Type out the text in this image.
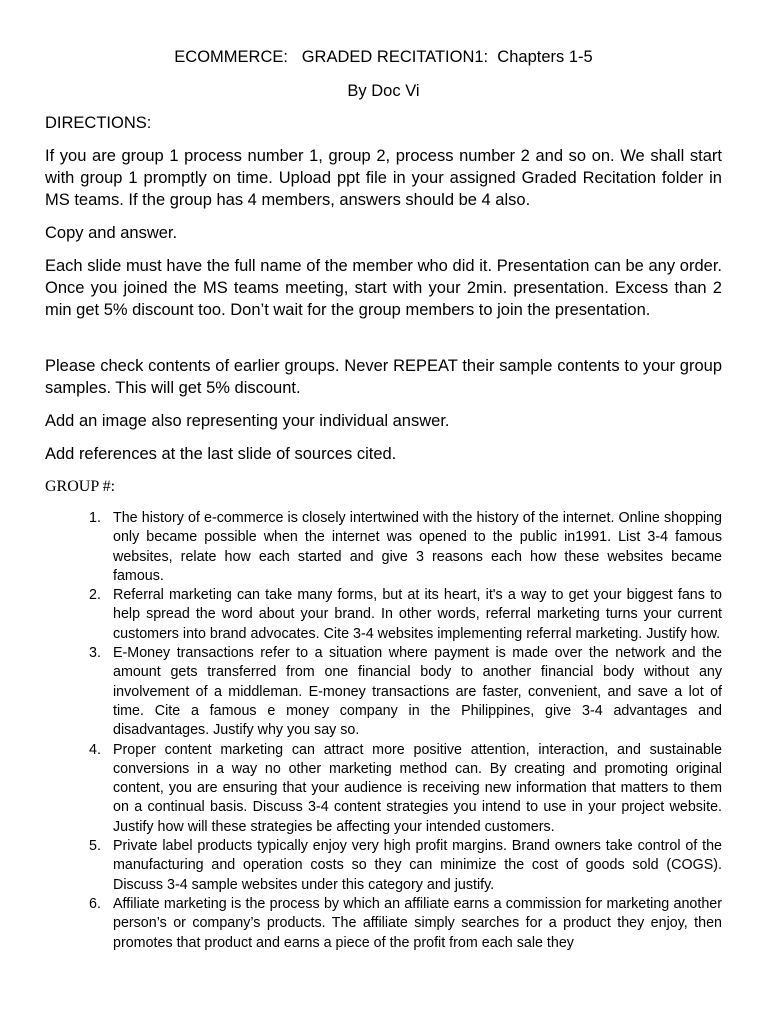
ECOMMERCE:   GRADED RECITATION1:  Chapters 1-5
By Doc Vi
DIRECTIONS:

If you are group 1 process number 1, group 2, process number 2 and so on. We shall start with group 1 promptly on time. Upload ppt file in your assigned Graded Recitation folder in MS teams. If the group has 4 members, answers should be 4 also.

Copy and answer.

Each slide must have the full name of the member who did it. Presentation can be any order. Once you joined the MS teams meeting, start with your 2min. presentation. Excess than 2 min get 5% discount too. Don’t wait for the group members to join the presentation.

Please check contents of earlier groups. Never REPEAT their sample contents to your group samples. This will get 5% discount.

Add an image also representing your individual answer.

Add references at the last slide of sources cited.

GROUP #:
1. The history of e-commerce is closely intertwined with the history of the internet. Online shopping only became possible when the internet was opened to the public in1991. List 3-4 famous websites, relate how each started and give 3 reasons each how these websites became famous.
2. Referral marketing can take many forms, but at its heart, it's a way to get your biggest fans to help spread the word about your brand. In other words, referral marketing turns your current customers into brand advocates. Cite 3-4 websites implementing referral marketing. Justify how.
3. E-Money transactions refer to a situation where payment is made over the network and the amount gets transferred from one financial body to another financial body without any involvement of a middleman. E-money transactions are faster, convenient, and save a lot of time. Cite a famous e money company in the Philippines, give 3-4 advantages and disadvantages. Justify why you say so.
4. Proper content marketing can attract more positive attention, interaction, and sustainable conversions in a way no other marketing method can. By creating and promoting original content, you are ensuring that your audience is receiving new information that matters to them on a continual basis. Discuss 3-4 content strategies you intend to use in your project website. Justify how will these strategies be affecting your intended customers.
5. Private label products typically enjoy very high profit margins. Brand owners take control of the manufacturing and operation costs so they can minimize the cost of goods sold (COGS). Discuss 3-4 sample websites under this category and justify.
6. Affiliate marketing is the process by which an affiliate earns a commission for marketing another person’s or company’s products. The affiliate simply searches for a product they enjoy, then promotes that product and earns a piece of the profit from each sale they
